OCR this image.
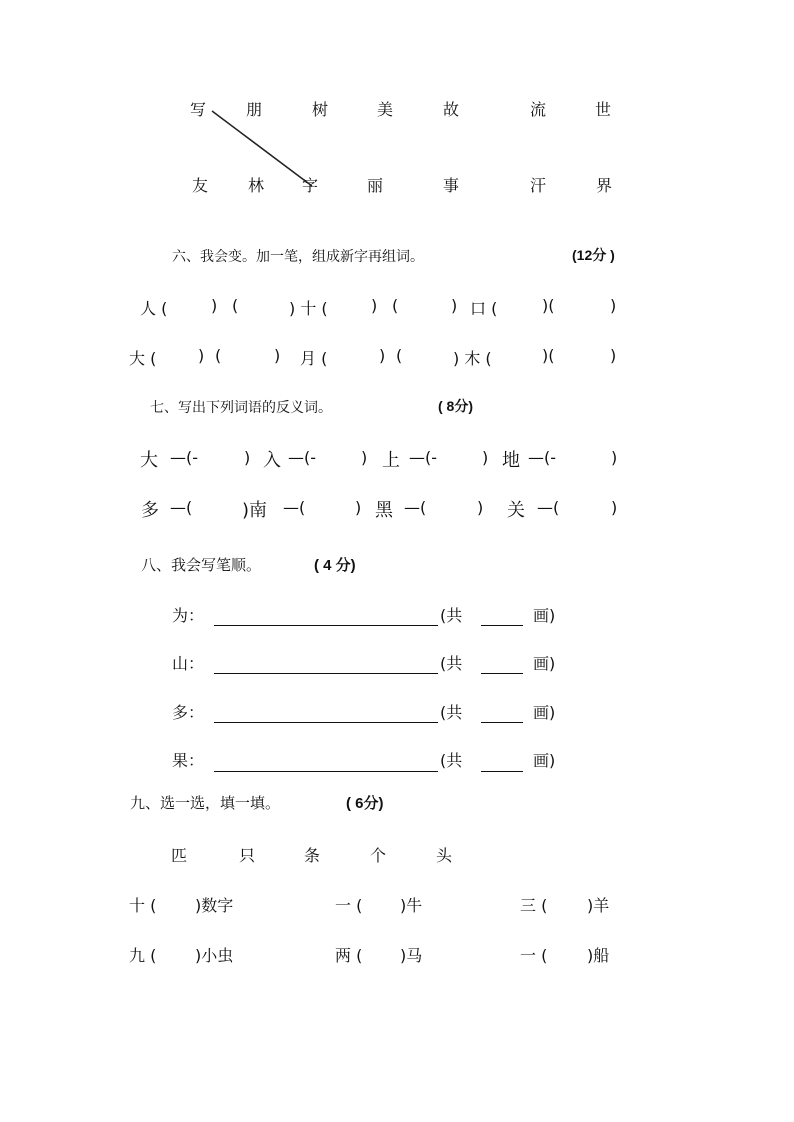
写 朋	树	美	故	流	世
友 林 字	丽	事	汗	界
六、我会变。加一笔，组成新字再组词。	(12分 )
人 (	) (	) 十 (	) (	) 口 (	)(	)
大 (	) (	) 月 (	) (	) 木 (	)(	)
七、写出下列词语的反义词。	( 8分)
大 —(-	) 入 —(-	) 上 —(-	) 地 —(-	)
多 —(	)南 —(	) 黑 —(	) 关 —(	)
八、我会写笔顺。	( 4 分)
为：	(共	画)
山：	(共	画)
多：	(共	画)
果：	(共	画)
九、选一选，填一填。	( 6分)
匹	只	条	个	头
十 ( )数字	一 ( )牛	三 ( )羊
九 ( )小虫	两 ( )马	一 ( )船
